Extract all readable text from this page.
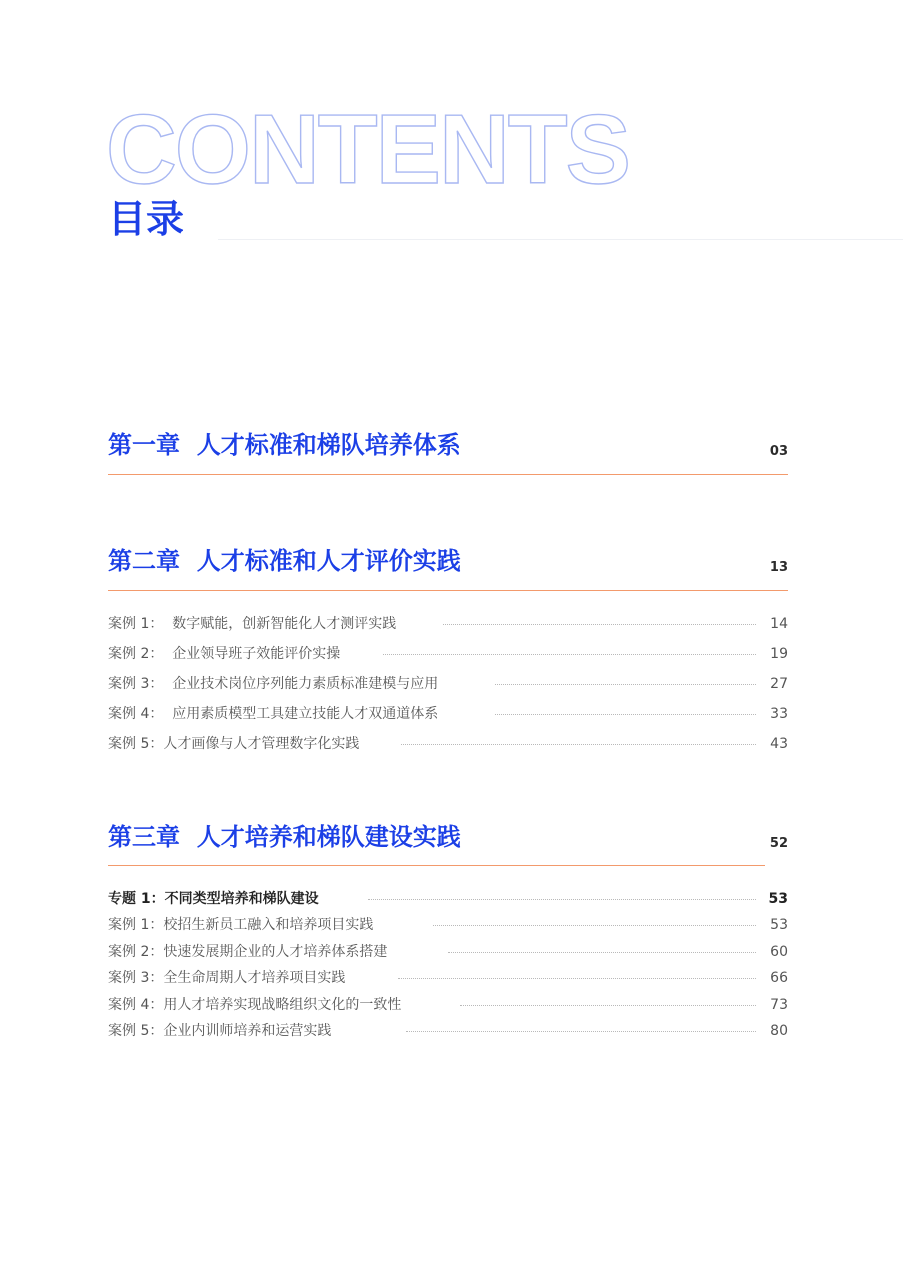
CONTENTS
目录
第一章  人才标准和梯队培养体系	03
第二章  人才标准和人才评价实践	13
案例 1：  数字赋能，创新智能化人才测评实践	14
案例 2：  企业领导班子效能评价实操	19
案例 3：  企业技术岗位序列能力素质标准建模与应用	27
案例 4：  应用素质模型工具建立技能人才双通道体系	33
案例 5：人才画像与人才管理数字化实践	43
第三章  人才培养和梯队建设实践	52
专题 1：不同类型培养和梯队建设	53
案例 1：校招生新员工融入和培养项目实践	53
案例 2：快速发展期企业的人才培养体系搭建	60
案例 3：全生命周期人才培养项目实践	66
案例 4：用人才培养实现战略组织文化的一致性	73
案例 5：企业内训师培养和运营实践	80
